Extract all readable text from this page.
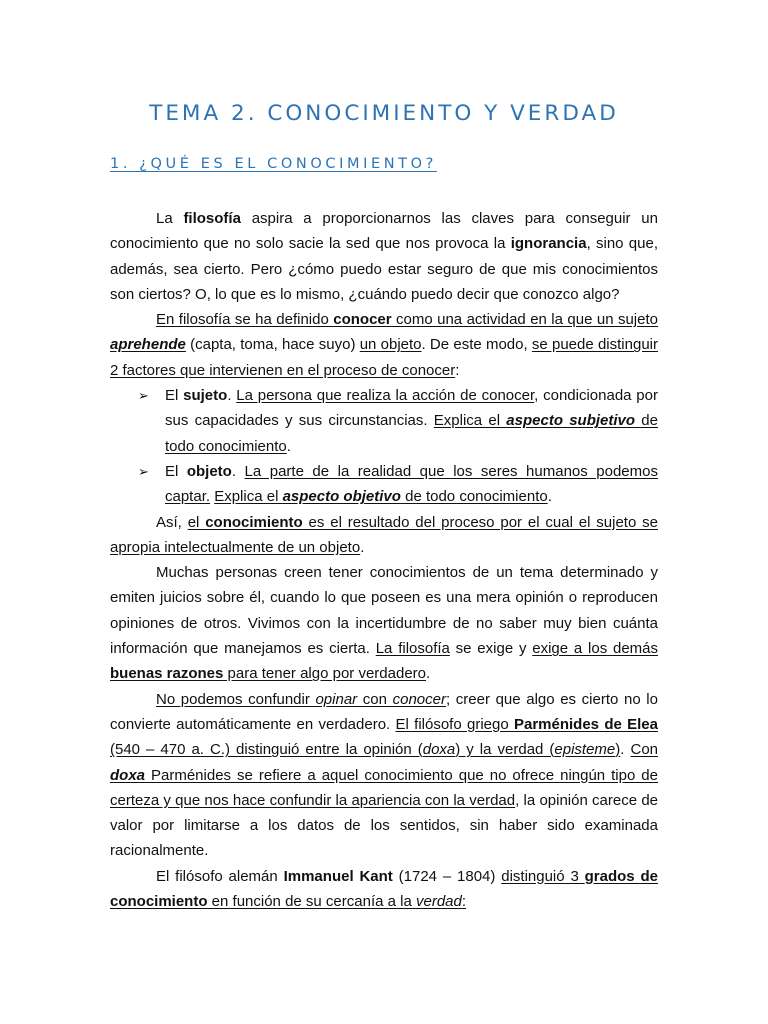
TEMA 2. CONOCIMIENTO Y VERDAD
1. ¿QUÉ ES EL CONOCIMIENTO?

La filosofía aspira a proporcionarnos las claves para conseguir un conocimiento que no solo sacie la sed que nos provoca la ignorancia, sino que, además, sea cierto. Pero ¿cómo puedo estar seguro de que mis conocimientos son ciertos? O, lo que es lo mismo, ¿cuándo puedo decir que conozco algo?

En filosofía se ha definido conocer como una actividad en la que un sujeto aprehende (capta, toma, hace suyo) un objeto. De este modo, se puede distinguir 2 factores que intervienen en el proceso de conocer:

➢ El sujeto. La persona que realiza la acción de conocer, condicionada por sus capacidades y sus circunstancias. Explica el aspecto subjetivo de todo conocimiento.
➢ El objeto. La parte de la realidad que los seres humanos podemos captar. Explica el aspecto objetivo de todo conocimiento.

Así, el conocimiento es el resultado del proceso por el cual el sujeto se apropia intelectualmente de un objeto.

Muchas personas creen tener conocimientos de un tema determinado y emiten juicios sobre él, cuando lo que poseen es una mera opinión o reproducen opiniones de otros. Vivimos con la incertidumbre de no saber muy bien cuánta información que manejamos es cierta. La filosofía se exige y exige a los demás buenas razones para tener algo por verdadero.

No podemos confundir opinar con conocer; creer que algo es cierto no lo convierte automáticamente en verdadero. El filósofo griego Parménides de Elea (540 – 470 a. C.) distinguió entre la opinión (doxa) y la verdad (episteme). Con doxa Parménides se refiere a aquel conocimiento que no ofrece ningún tipo de certeza y que nos hace confundir la apariencia con la verdad, la opinión carece de valor por limitarse a los datos de los sentidos, sin haber sido examinada racionalmente.

El filósofo alemán Immanuel Kant (1724 – 1804) distinguió 3 grados de conocimiento en función de su cercanía a la verdad:
